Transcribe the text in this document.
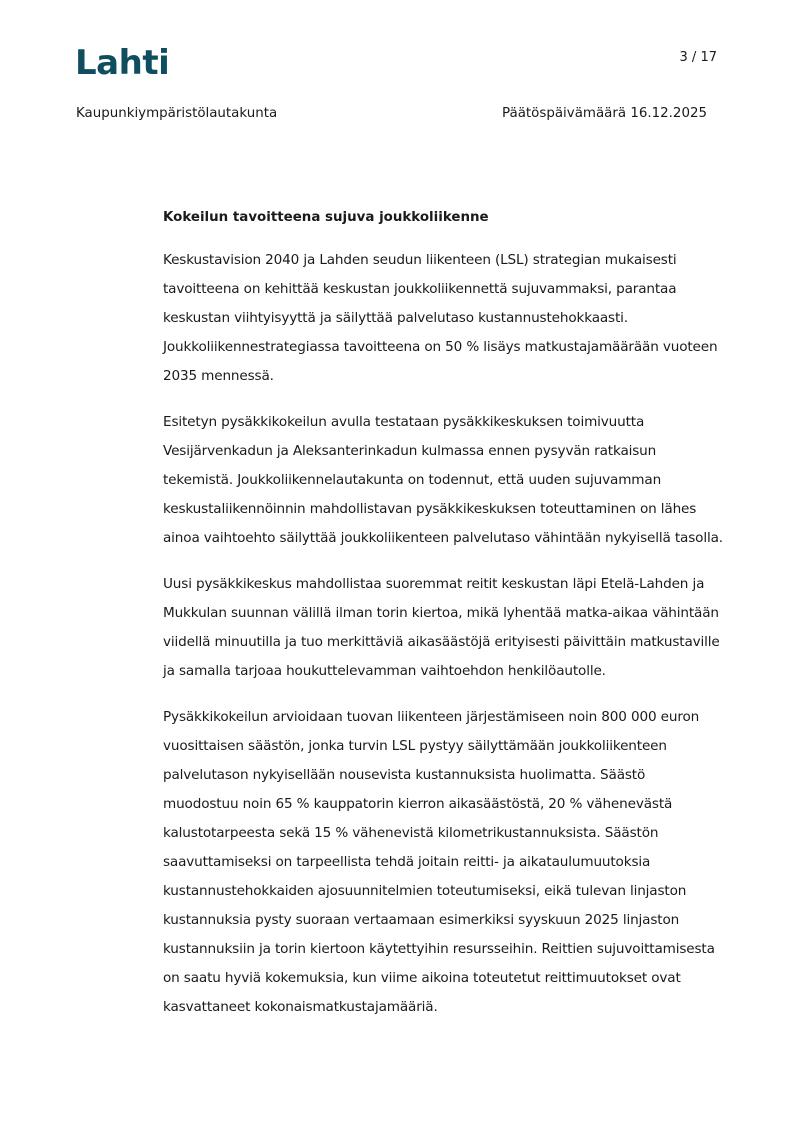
Lahti	3 / 17
Kaupunkiympäristölautakunta	Päätöspäivämäärä 16.12.2025
Kokeilun tavoitteena sujuva joukkoliikenne

Keskustavision 2040 ja Lahden seudun liikenteen (LSL) strategian mukaisesti tavoitteena on kehittää keskustan joukkoliikennettä sujuvammaksi, parantaa keskustan viihtyisyyttä ja säilyttää palvelutaso kustannustehokkaasti. Joukkoliikennestrategiassa tavoitteena on 50 % lisäys matkustajamäärään vuoteen 2035 mennessä.

Esitetyn pysäkkikokeilun avulla testataan pysäkkikeskuksen toimivuutta Vesijärvenkadun ja Aleksanterinkadun kulmassa ennen pysyvän ratkaisun tekemistä. Joukkoliikennelautakunta on todennut, että uuden sujuvamman keskustaliikennöinnin mahdollistavan pysäkkikeskuksen toteuttaminen on lähes ainoa vaihtoehto säilyttää joukkoliikenteen palvelutaso vähintään nykyisellä tasolla.

Uusi pysäkkikeskus mahdollistaa suoremmat reitit keskustan läpi Etelä-Lahden ja Mukkulan suunnan välillä ilman torin kiertoa, mikä lyhentää matka-aikaa vähintään viidellä minuutilla ja tuo merkittäviä aikasäästöjä erityisesti päivittäin matkustaville ja samalla tarjoaa houkuttelevamman vaihtoehdon henkilöautolle.

Pysäkkikokeilun arvioidaan tuovan liikenteen järjestämiseen noin 800 000 euron vuosittaisen säästön, jonka turvin LSL pystyy säilyttämään joukkoliikenteen palvelutason nykyisellään nousevista kustannuksista huolimatta. Säästö muodostuu noin 65 % kauppatorin kierron aikasäästöstä, 20 % vähenevästä kalustotarpeesta sekä 15 % vähenevistä kilometrikustannuksista. Säästön saavuttamiseksi on tarpeellista tehdä joitain reitti- ja aikataulumuutoksia kustannustehokkaiden ajosuunnitelmien toteutumiseksi, eikä tulevan linjaston kustannuksia pysty suoraan vertaamaan esimerkiksi syyskuun 2025 linjaston kustannuksiin ja torin kiertoon käytettyihin resursseihin. Reittien sujuvoittamisesta on saatu hyviä kokemuksia, kun viime aikoina toteutetut reittimuutokset ovat kasvattaneet kokonaismatkustajamääriä.
